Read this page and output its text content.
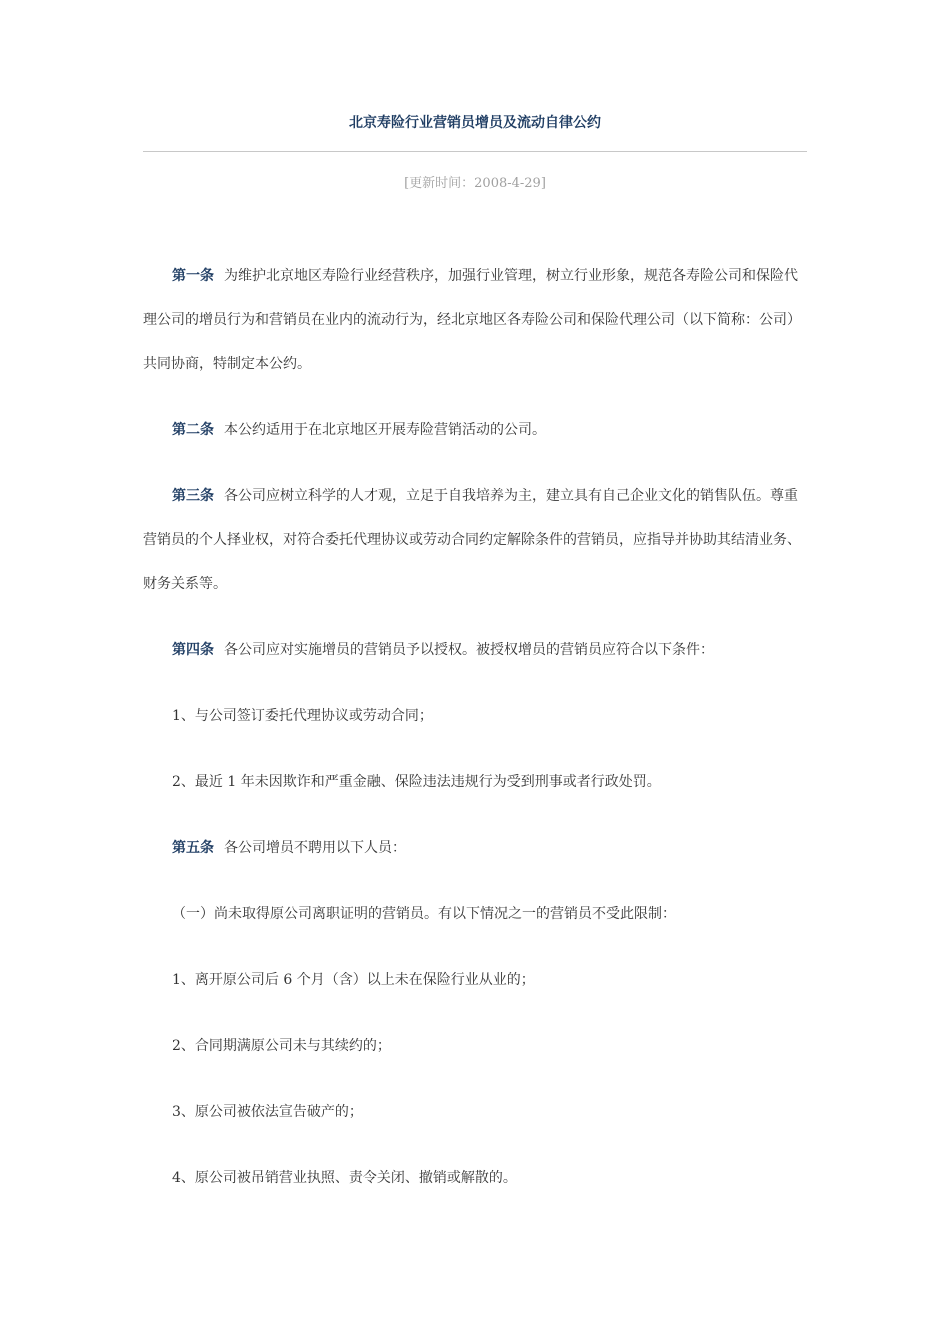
北京寿险行业营销员增员及流动自律公约
[更新时间：2008-4-29]

第一条 为维护北京地区寿险行业经营秩序，加强行业管理，树立行业形象，规范各寿险公司和保险代理公司的增员行为和营销员在业内的流动行为，经北京地区各寿险公司和保险代理公司（以下简称：公司）共同协商，特制定本公约。

第二条 本公约适用于在北京地区开展寿险营销活动的公司。

第三条 各公司应树立科学的人才观，立足于自我培养为主，建立具有自己企业文化的销售队伍。尊重营销员的个人择业权，对符合委托代理协议或劳动合同约定解除条件的营销员，应指导并协助其结清业务、财务关系等。

第四条 各公司应对实施增员的营销员予以授权。被授权增员的营销员应符合以下条件：

1、与公司签订委托代理协议或劳动合同；

2、最近 1 年未因欺诈和严重金融、保险违法违规行为受到刑事或者行政处罚。

第五条 各公司增员不聘用以下人员：

（一）尚未取得原公司离职证明的营销员。有以下情况之一的营销员不受此限制：

1、离开原公司后 6 个月（含）以上未在保险行业从业的；

2、合同期满原公司未与其续约的；

3、原公司被依法宣告破产的；

4、原公司被吊销营业执照、责令关闭、撤销或解散的。
